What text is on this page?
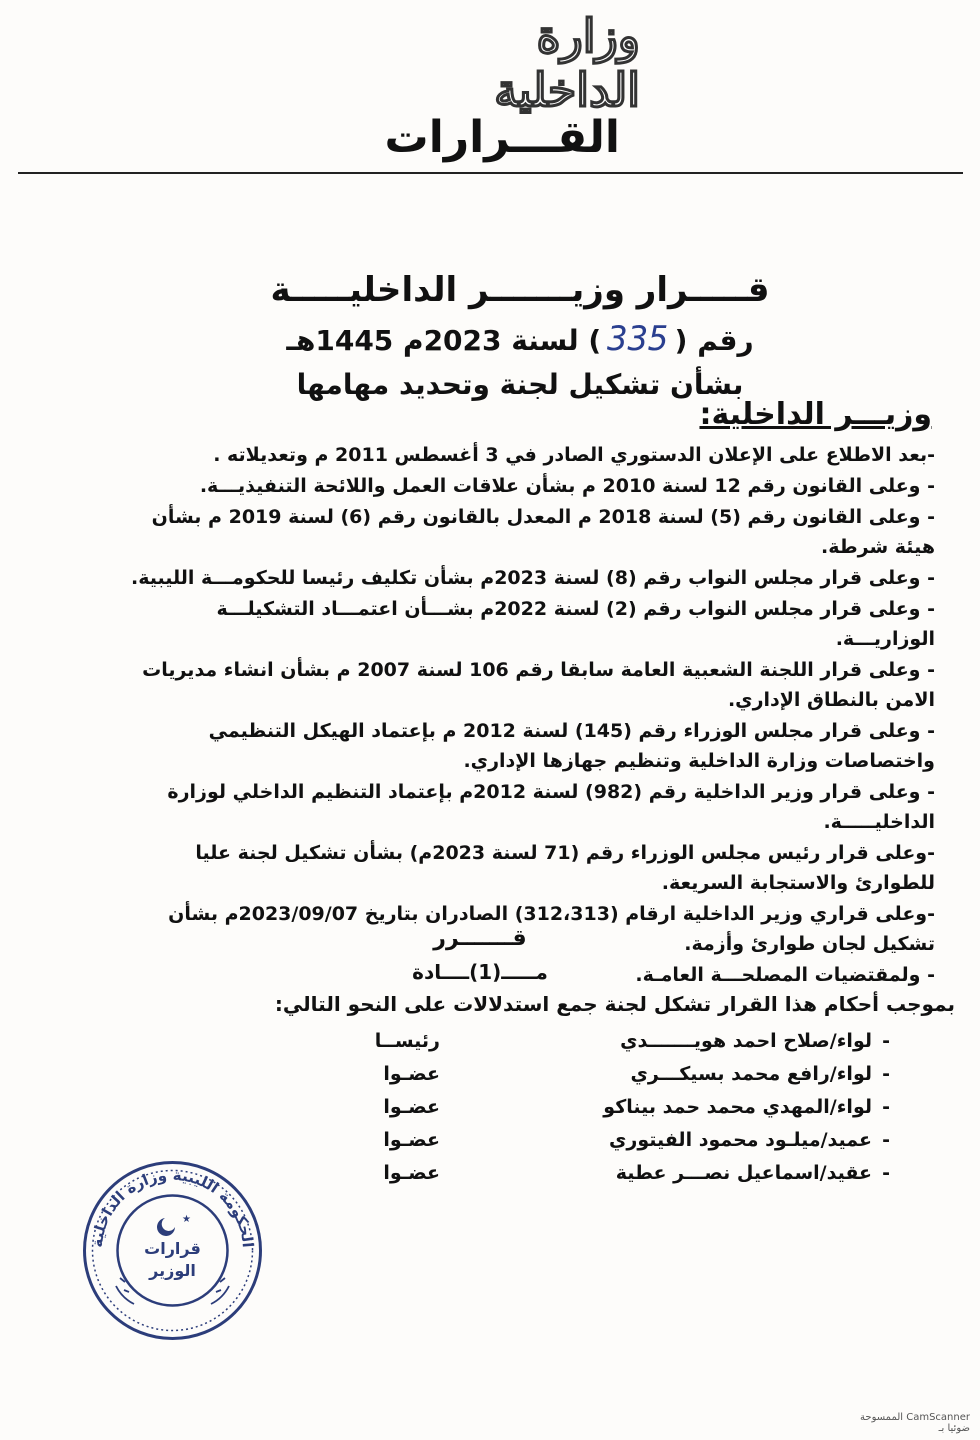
وزارة الداخلية
القـــرارات
قـــــرار وزيـــــــر الداخليـــــة
رقم (335) لسنة 2023م 1445هـ
بشأن تشكيل لجنة وتحديد مهامها
وزيـــر الداخلية:
-بعد الاطلاع على الإعلان الدستوري الصادر في 3 أغسطس 2011 م وتعديلاته .
- وعلى القانون رقم 12 لسنة 2010 م بشأن علاقات العمل واللائحة التنفيذيـــة.
- وعلى القانون رقم (5) لسنة 2018 م المعدل بالقانون رقم (6) لسنة 2019 م بشأن هيئة شرطة.
- وعلى قرار مجلس النواب رقم (8) لسنة 2023م بشأن تكليف رئيسا للحكومـــة الليبية.
- وعلى قرار مجلس النواب رقم (2) لسنة 2022م بشـــأن اعتمـــاد التشكيلـــة الوزاريـــة.
- وعلى قرار اللجنة الشعبية العامة سابقا رقم 106 لسنة 2007 م بشأن انشاء مديريات الامن بالنطاق الإداري.
- وعلى قرار مجلس الوزراء رقم (145) لسنة 2012 م بإعتماد الهيكل التنظيمي واختصاصات وزارة الداخلية وتنظيم جهازها الإداري.
- وعلى قرار وزير الداخلية رقم (982) لسنة 2012م بإعتماد التنظيم الداخلي لوزارة الداخليـــــة.
-وعلى قرار رئيس مجلس الوزراء رقم (71 لسنة 2023م) بشأن تشكيل لجنة عليا للطوارئ والاستجابة السريعة.
-وعلى قراري وزير الداخلية ارقام (312،313) الصادران بتاريخ 2023/09/07م بشأن تشكيل لجان طوارئ وأزمة.
- ولمقتضيات المصلحـــة العامـة.
قـــــــرر
مـــــ(1)ــــادة
بموجب أحكام هذا القرار تشكل لجنة جمع استدلالات على النحو التالي:
-
لواء/صلاح احمد هويـــــــدي
رئيســا
-
لواء/رافع محمد بسيكـــري
عضـوا
-
لواء/المهدي محمد حمد بيناكو
عضـوا
-
عميد/ميلـود محمود الفيتوري
عضـوا
-
عقيد/اسماعيل نصـــر عطية
عضـوا
الحكومة الليبية وزارة الداخلية
★
قرارات
الوزير
CamScanner الممسوحة ضوئيا بـ
